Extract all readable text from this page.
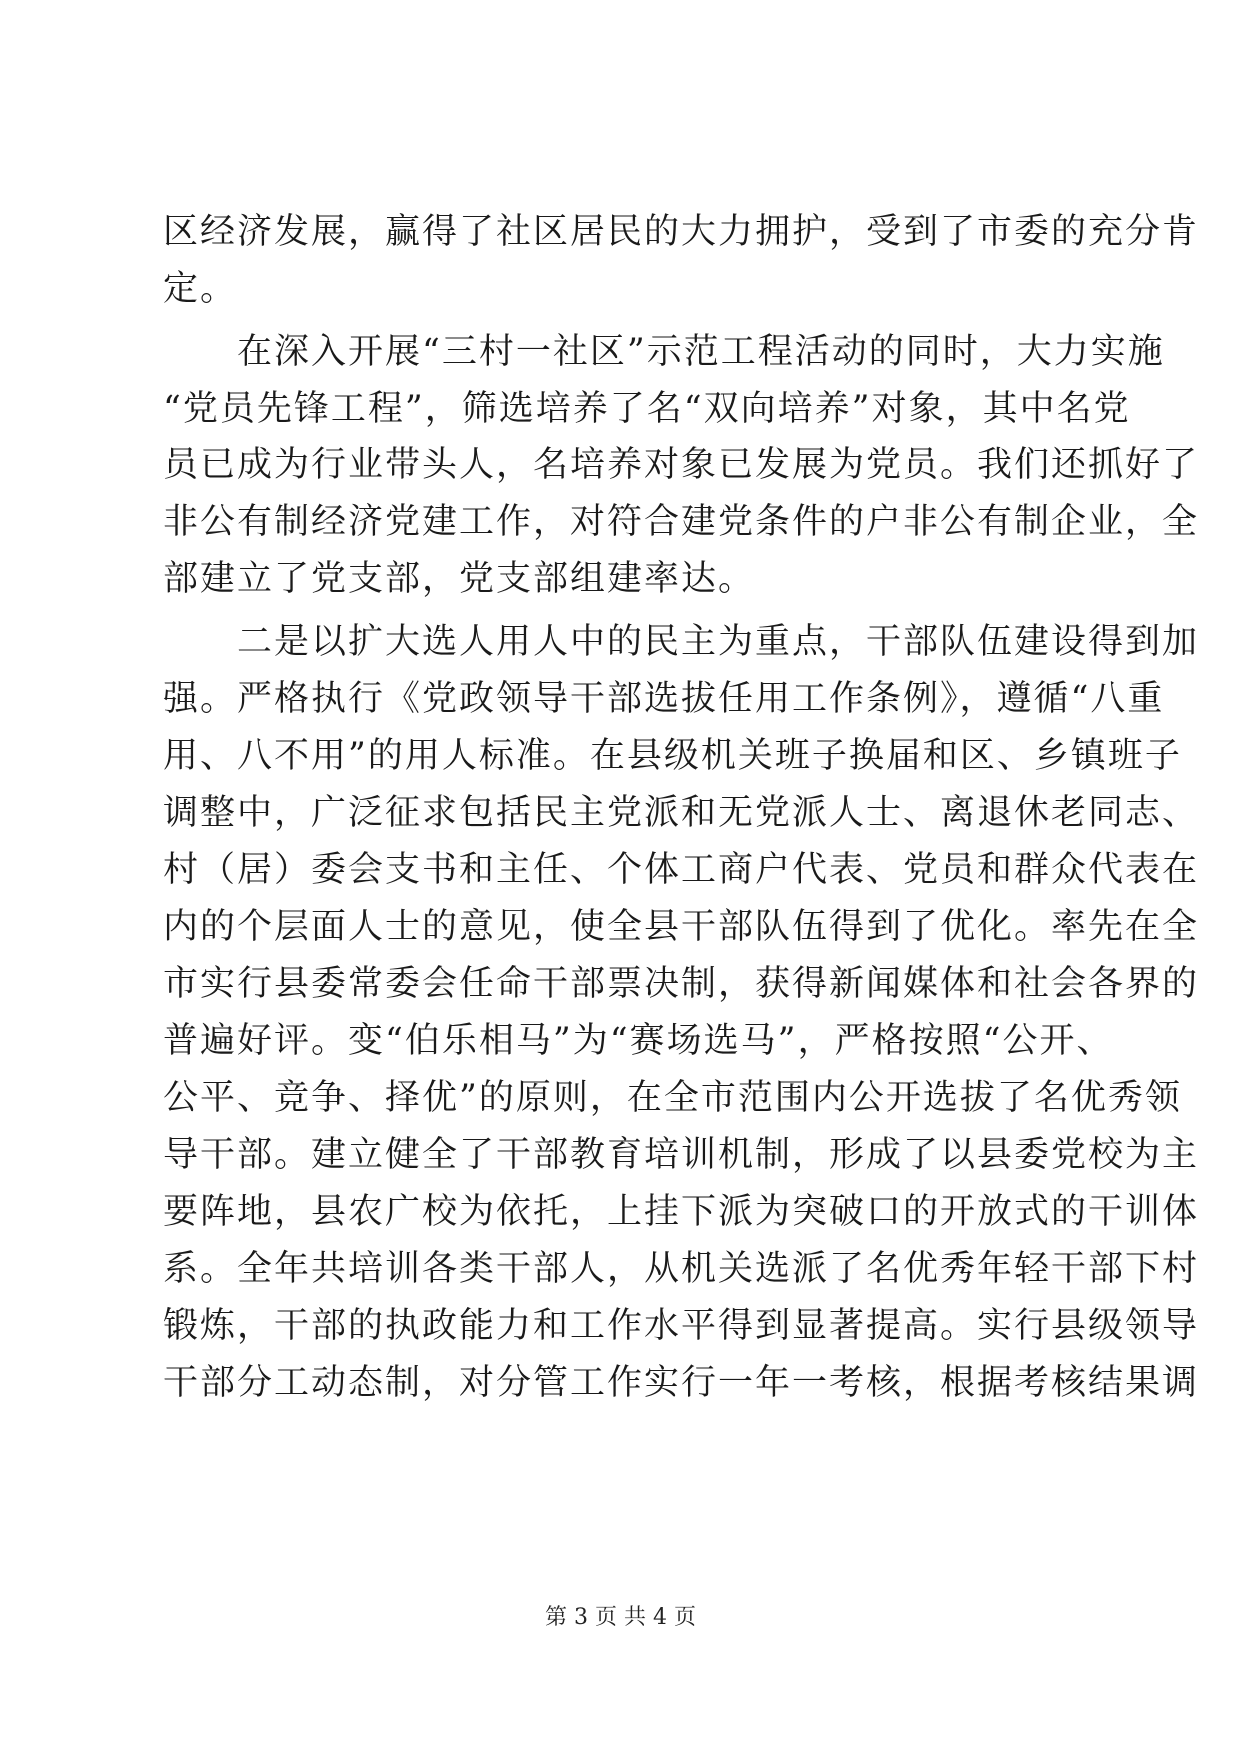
区经济发展，赢得了社区居民的大力拥护，受到了市委的充分肯
定。
　　在深入开展“三村一社区”示范工程活动的同时，大力实施
“党员先锋工程”，筛选培养了名“双向培养”对象，其中名党
员已成为行业带头人，名培养对象已发展为党员。我们还抓好了
非公有制经济党建工作，对符合建党条件的户非公有制企业，全
部建立了党支部，党支部组建率达。
　　二是以扩大选人用人中的民主为重点，干部队伍建设得到加
强。严格执行《党政领导干部选拔任用工作条例》，遵循“八重
用、八不用”的用人标准。在县级机关班子换届和区、乡镇班子
调整中，广泛征求包括民主党派和无党派人士、离退休老同志、
村（居）委会支书和主任、个体工商户代表、党员和群众代表在
内的个层面人士的意见，使全县干部队伍得到了优化。率先在全
市实行县委常委会任命干部票决制，获得新闻媒体和社会各界的
普遍好评。变“伯乐相马”为“赛场选马”，严格按照“公开、
公平、竞争、择优”的原则，在全市范围内公开选拔了名优秀领
导干部。建立健全了干部教育培训机制，形成了以县委党校为主
要阵地，县农广校为依托，上挂下派为突破口的开放式的干训体
系。全年共培训各类干部人，从机关选派了名优秀年轻干部下村
锻炼，干部的执政能力和工作水平得到显著提高。实行县级领导
干部分工动态制，对分管工作实行一年一考核，根据考核结果调
第 3 页 共 4 页
